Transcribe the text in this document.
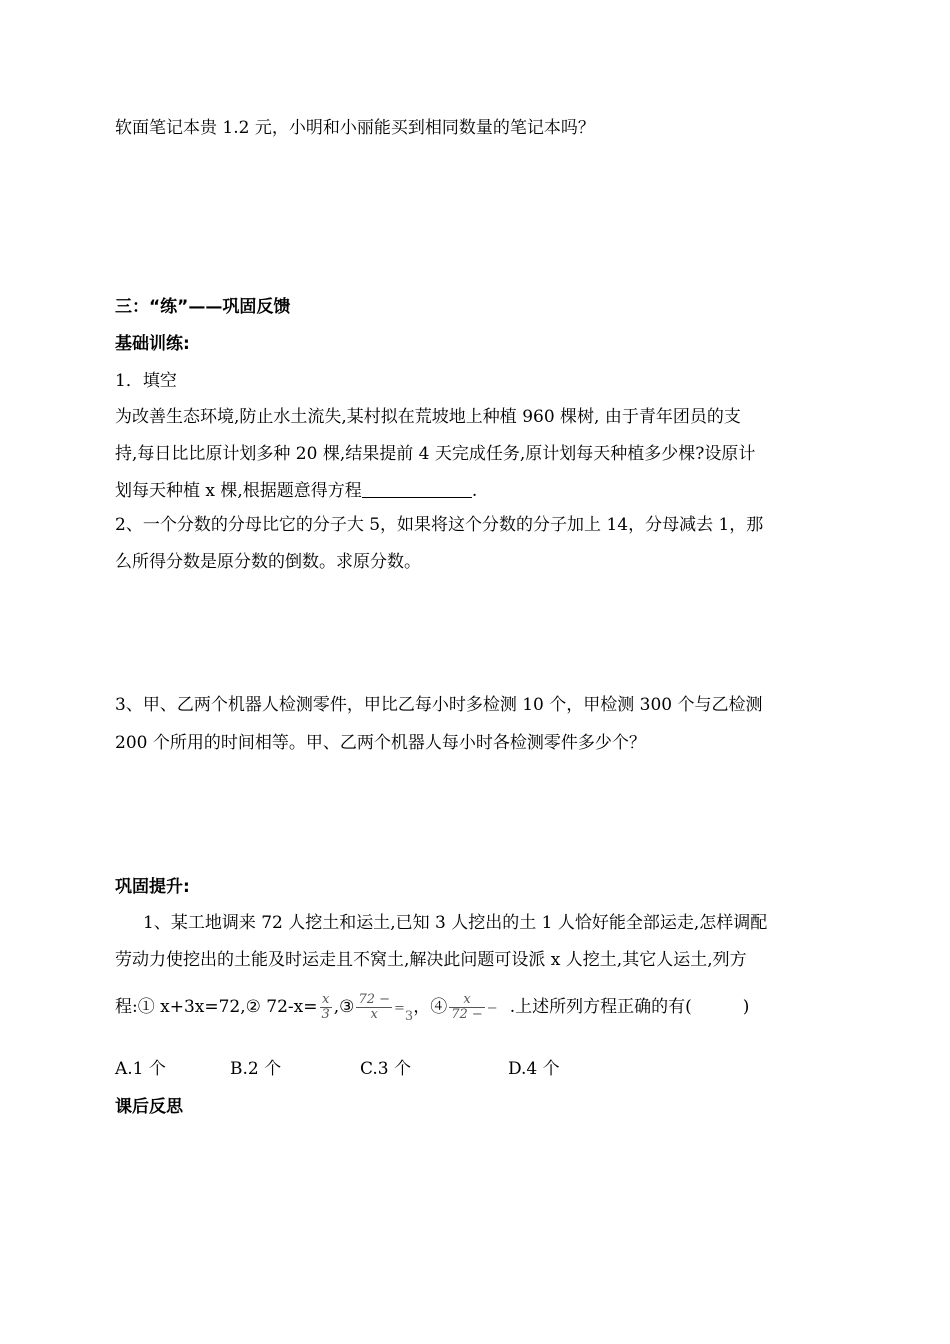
软面笔记本贵 1.2 元，小明和小丽能买到相同数量的笔记本吗？
三：“练”——巩固反馈
基础训练:
1．填空
为改善生态环境,防止水土流失,某村拟在荒坡地上种植 960 棵树, 由于青年团员的支
持,每日比比原计划多种 20 棵,结果提前 4 天完成任务,原计划每天种植多少棵?设原计
划每天种植 x 棵,根据题意得方程	.
2、一个分数的分母比它的分子大 5，如果将这个分数的分子加上 14，分母减去 1，那
么所得分数是原分数的倒数。求原分数。
3、甲、乙两个机器人检测零件，甲比乙每小时多检测 10 个，甲检测 300 个与乙检测
200 个所用的时间相等。甲、乙两个机器人每小时各检测零件多少个？
巩固提升:
1、某工地调来 72 人挖土和运土,已知 3 人挖出的土 1 人恰好能全部运走,怎样调配
劳动力使挖出的土能及时运走且不窝土,解决此问题可设派 x 人挖土,其它人运土,列方
程:① x+3x=72,② $72-x= \frac{x}{3}$ ,③ $\frac{72 -}{x} =_3$，④ $\frac{x}{72 -}$ − .上述所列方程正确的有(　　　)
A.1 个	B.2 个	C.3 个	D.4 个
课后反思
